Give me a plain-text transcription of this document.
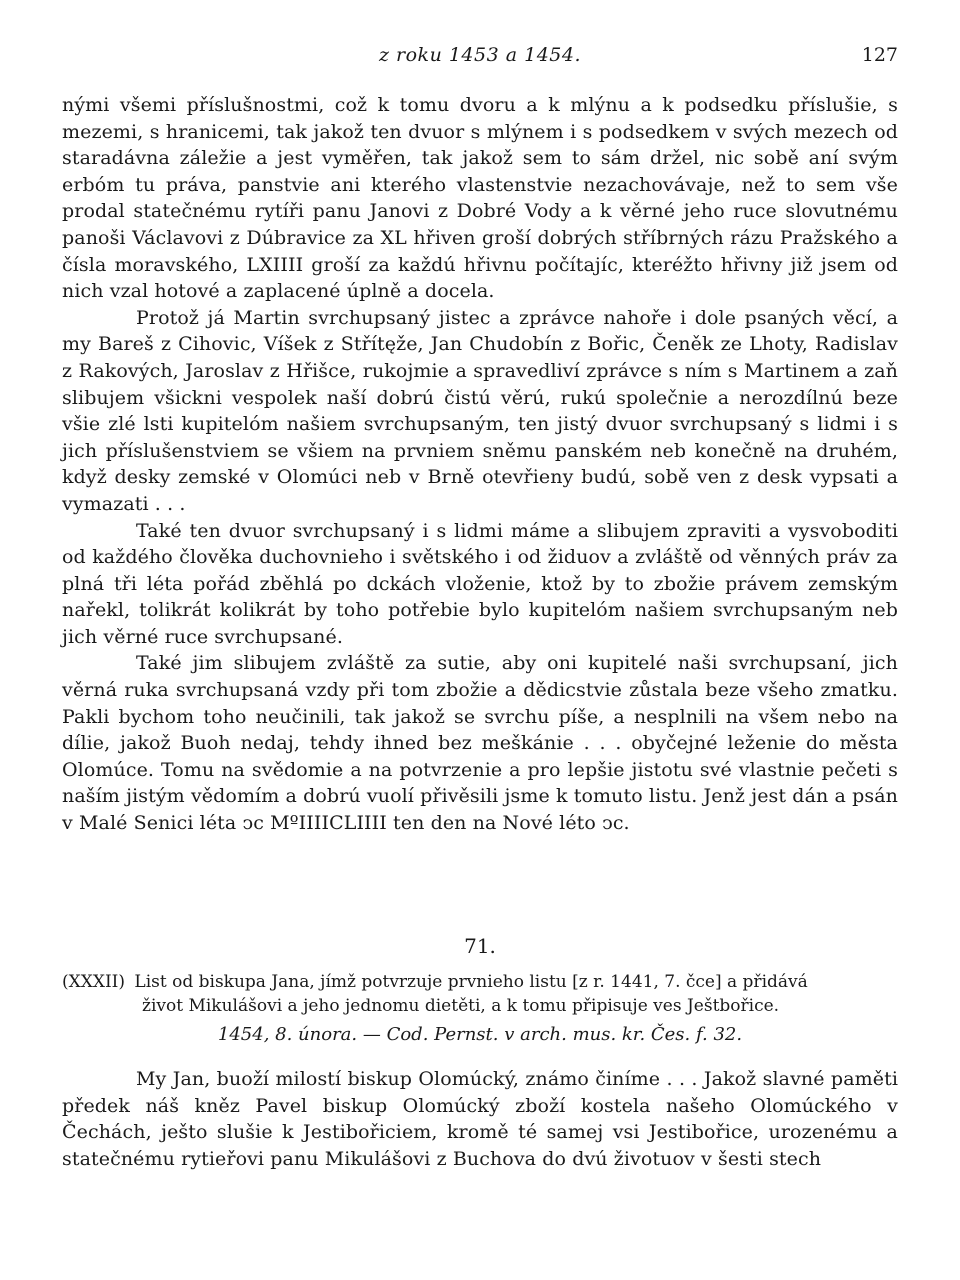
z roku 1453 a 1454.	127

nými všemi příslušnostmi, což k tomu dvoru a k mlýnu a k podsedku příslušie, s mezemi, s hranicemi, tak jakož ten dvuor s mlýnem i s podsedkem v svých mezech od staradávna záležie a jest vyměřen, tak jakož sem to sám držel, nic sobě aní svým erbóm tu práva, panstvie ani kterého vlastenstvie nezachovávaje, než to sem vše prodal statečnému rytíři panu Janovi z Dobré Vody a k věrné jeho ruce slovutnému panoši Václavovi z Dúbravice za XL hřiven groší dobrých stříbrných rázu Pražského a čísla moravského, LXIIII groší za každú hřivnu počítajíc, kteréžto hřivny již jsem od nich vzal hotové a zaplacené úplně a docela.

Protož já Martin svrchupsaný jistec a zprávce nahoře i dole psaných věcí, a my Bareš z Cihovic, Víšek z Střítęže, Jan Chudobín z Bořic, Čeněk ze Lhoty, Radislav z Rakových, Jaroslav z Hřišce, rukojmie a spravedliví zprávce s ním s Martinem a zaň slibujem všickni vespolek naší dobrú čistú věrú, rukú společnie a nerozdílnú beze všie zlé lsti kupitelóm našiem svrchupsaným, ten jistý dvuor svrchupsaný s lidmi i s jich příslušenstviem se všiem na prvniem sněmu panském neb konečně na druhém, když desky zemské v Olomúci neb v Brně otevřieny budú, sobě ven z desk vypsati a vymazati . . .

Také ten dvuor svrchupsaný i s lidmi máme a slibujem zpraviti a vysvoboditi od každého člověka duchovnieho i světského i od židuov a zvláště od věnných práv za plná tři léta pořád zběhlá po dckách vloženie, ktož by to zbožie právem zemským nařekl, tolikrát kolikrát by toho potřebie bylo kupitelóm našiem svrchupsaným neb jich věrné ruce svrchupsané.

Také jim slibujem zvláště za sutie, aby oni kupitelé naši svrchupsaní, jich věrná ruka svrchupsaná vzdy při tom zbožie a dědicstvie zůstala beze všeho zmatku. Pakli bychom toho neučinili, tak jakož se svrchu píše, a nesplnili na všem nebo na dílie, jakož Buoh nedaj, tehdy ihned bez meškánie . . . obyčejné leženie do města Olomúce. Tomu na svědomie a na potvrzenie a pro lepšie jistotu své vlastnie pečeti s naším jistým vědomím a dobrú vuolí přivěsili jsme k tomuto listu. Jenž jest dán a psán v Malé Senici léta ↄc MºIIIICLIIII ten den na Nové léto ↄc.

71.
(XXXII) List od biskupa Jana, jímž potvrzuje prvnieho listu [z r. 1441, 7. čce] a přidává
život Mikulášovi a jeho jednomu dietěti, a k tomu připisuje ves Ještbořice.
1454, 8. února. — Cod. Pernst. v arch. mus. kr. Čes. f. 32.

My Jan, buoží milostí biskup Olomúcký, známo činíme . . . Jakož slavné paměti předek náš kněz Pavel biskup Olomúcký zboží kostela našeho Olomúckého v Čechách, ješto slušie k Jestibořiciem, kromě té samej vsi Jestibořice, urozenému a statečnému rytieřovi panu Mikulášovi z Buchova do dvú životuov v šesti stech
